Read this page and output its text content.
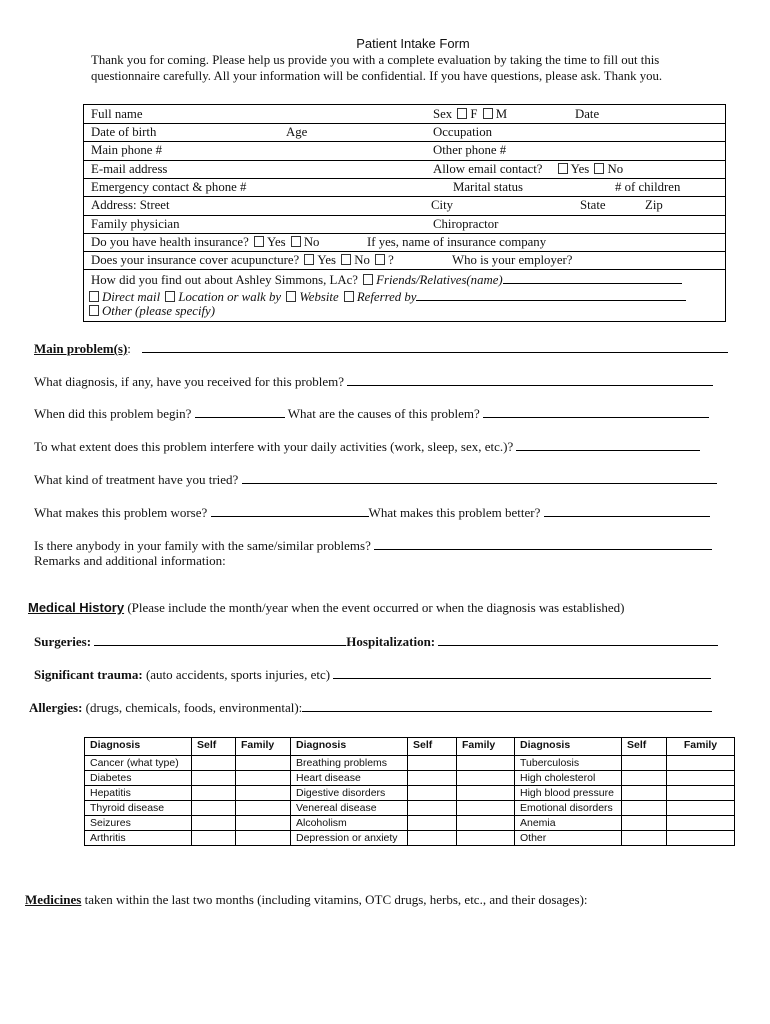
Patient Intake Form
Thank you for coming. Please help us provide you with a complete evaluation by taking the time to fill out this questionnaire carefully. All your information will be confidential. If you have questions, please ask. Thank you.
Full name	Sex F M	Date
Date of birth	Age	Occupation
Main phone #	Other phone #
E-mail address	Allow email contact? Yes No
Emergency contact & phone #	Marital status	# of children
Address: Street	City	State	Zip
Family physician	Chiropractor
Do you have health insurance? Yes No	If yes, name of insurance company
Does your insurance cover acupuncture? Yes No ?	Who is your employer?
How did you find out about Ashley Simmons, LAc? Friends/Relatives(name)
Direct mail Location or walk by Website Referred by
Other (please specify)
Main problem(s):
What diagnosis, if any, have you received for this problem?
When did this problem begin?	What are the causes of this problem?
To what extent does this problem interfere with your daily activities (work, sleep, sex, etc.)?
What kind of treatment have you tried?
What makes this problem worse?	What makes this problem better?
Is there anybody in your family with the same/similar problems?
Remarks and additional information:
Medical History (Please include the month/year when the event occurred or when the diagnosis was established)
Surgeries:	Hospitalization:
Significant trauma: (auto accidents, sports injuries, etc)
Allergies: (drugs, chemicals, foods, environmental):
Diagnosis	Self	Family	Diagnosis	Self	Family	Diagnosis	Self	Family
Cancer (what type)			Breathing problems			Tuberculosis		
Diabetes			Heart disease			High cholesterol		
Hepatitis			Digestive disorders			High blood pressure		
Thyroid disease			Venereal disease			Emotional disorders		
Seizures			Alcoholism			Anemia		
Arthritis			Depression or anxiety			Other		
Medicines taken within the last two months (including vitamins, OTC drugs, herbs, etc., and their dosages):
